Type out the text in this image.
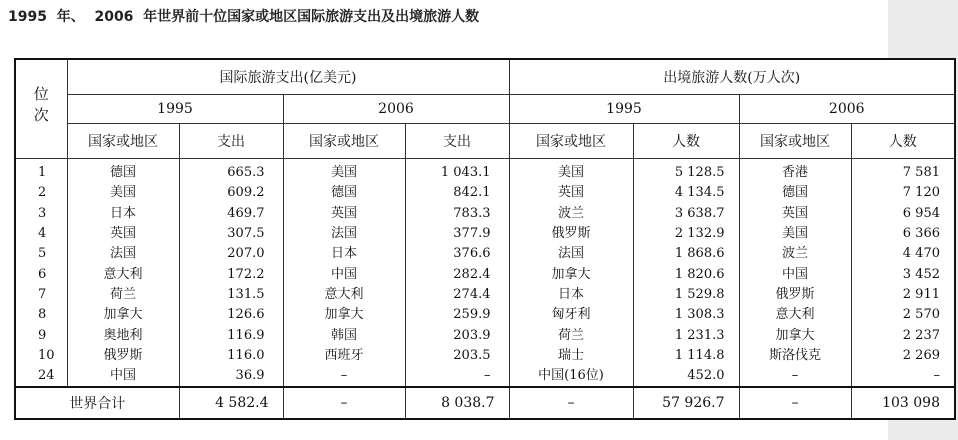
1995  年、  2006  年世界前十位国家或地区国际旅游支出及出境旅游人数
位次	国际旅游支出(亿美元)				出境旅游人数(万人次)			
	1995		2006		1995		2006	
	国家或地区	支出	国家或地区	支出	国家或地区	人数	国家或地区	人数
1	德国	665.3	美国	1 043.1	美国	5 128.5	香港	7 581
2	美国	609.2	德国	842.1	英国	4 134.5	德国	7 120
3	日本	469.7	英国	783.3	波兰	3 638.7	英国	6 954
4	英国	307.5	法国	377.9	俄罗斯	2 132.9	美国	6 366
5	法国	207.0	日本	376.6	法国	1 868.6	波兰	4 470
6	意大利	172.2	中国	282.4	加拿大	1 820.6	中国	3 452
7	荷兰	131.5	意大利	274.4	日本	1 529.8	俄罗斯	2 911
8	加拿大	126.6	加拿大	259.9	匈牙利	1 308.3	意大利	2 570
9	奥地利	116.9	韩国	203.9	荷兰	1 231.3	加拿大	2 237
10	俄罗斯	116.0	西班牙	203.5	瑞士	1 114.8	斯洛伐克	2 269
24	中国	36.9	–	–	中国(16位)	452.0	–	–
世界合计		4 582.4	–	8 038.7	–	57 926.7	–	103 098
